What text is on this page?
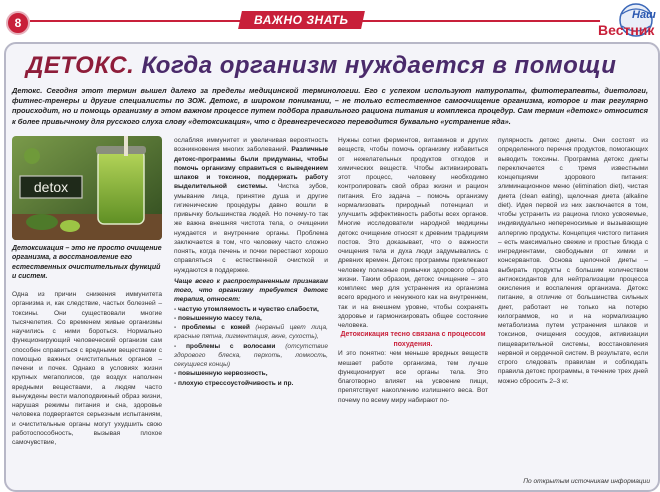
8	ВАЖНО ЗНАТЬ	Наш
Вестник
ДЕТОКС. Когда организм нуждается в помощи
Детокс. Сегодня этот термин вышел далеко за пределы медицинской терминологии. Его с успехом используют натуропаты, фитотерапевты, диетологи, фитнес-тренеры и другие специалисты по ЗОЖ. Детокс, в широком понимании, – не только естественное самоочищение организма, которое и так регулярно происходит, но и помощь организму в этом важном процессе путем подбора правильного рациона питания и комплекса процедур. Сам термин «детокс» относится к более привычному для русского слуха слову «детоксикация», что с древнегреческого переводится буквально «устранение яда».
detox
Детоксикация – это не просто очищение организма, а восстановление его естественных очистительных функций и систем.

Одна из причин снижения иммунитета организма и, как следствие, частых болезней – токсины. Они существовали многие тысячелетия. Со временем живые организмы научились с ними бороться. Нормально функционирующий человеческий организм сам способен справиться с вредными веществами с помощью важных очистительных органов – печени и почек. Однако в условиях жизни крупных мегаполисов, где воздух наполнен вредными веществами, а людям часто вынуждены вести малоподвижный образ жизни, нарушая режимы питания и сна, здоровье человека подвергается серьезным испытаниям, и очистительные органы могут ухудшить свою работоспособность, вызывая плохое самочувствие,

ослабляя иммунитет и увеличивая вероятность возникновения многих заболеваний. Различные детокс-программы были придуманы, чтобы помочь организму справиться с выведением шлаков и токсинов, поддержать работу выделительной системы. Чистка зубов, умывание лица, принятие душа и другие гигиенические процедуры давно вошли в привычку большинства людей. Но почему-то так же важна внешняя чистота тела, о очищении нуждается и внутренние органы. Проблема заключается в том, что человеку часто сложно понять, когда печень и почки перестают хорошо справляться с естественной очисткой и нуждаются в поддержке.
Чаще всего к распространенным признакам того, что организму требуется детокс терапия, относят:
- частую утомляемость и чувство слабости,
- повышенную массу тела,
- проблемы с кожей (нервный цвет лица, красные пятна, пигментация, акне, сухость),
- проблемы с волосами (отсутствие здорового блеска, перхоть, ломкость, секущиеся концы)
- повышенную нервозность,
- плохую стрессоустойчивость и пр.
Нужны сотни ферментов, витаминов и других веществ, чтобы помочь организму избавиться от нежелательных продуктов отходов и химических веществ. Чтобы активизировать этот процесс, человеку необходимо контролировать свой образ жизни и рацион питания. Его задача – помочь организму нормализовать природный потенциал и улучшить эффективность работы всех органов. Многие исследователи народной медицины детокс очищение относят к древним традициям постов. Это доказывает, что о важности очищения тела и духа люди задумывались с древних времен. Детокс программы привлекают человеку полезные привычки здорового образа жизни. Таким образом, детокс очищение – это комплекс мер для устранения из организма всего вредного и ненужного как на внутреннем, так и на внешнем уровне, чтобы сохранять здоровье и гармонизировать общее состояние человека.
Детоксикация тесно связана с процессом похудения.
И это понятно: чем меньше вредных веществ мешает работе организма, тем лучше функционирует все органы тела. Это благотворно влияет на усвоение пищи, препятствует накоплению излишнего веса. Вот почему по всему миру набирают по-

пулярность детокс диеты. Они состоят из определенного перечня продуктов, помогающих выводить токсины. Программа детокс диеты переключается с тремя известными концепциями здорового питания: элиминационное меню (elimination diet), чистая диета (clean eating), щелочная диета (alkaline diet). Идея первой из них заключается в том, чтобы устранить из рациона плохо усвояемые, индивидуально непереносимые и вызывающие аллергию продукты. Концепция чистого питания – есть максимально свежие и простые блюда с ингредиентами, свободными от химии и консервантов. Основа щелочной диеты – выбирать продукты с большим количеством антиоксидантов для нейтрализации процесса окисления и воспаления организма. Детокс питание, в отличие от большинства сильных диет, работает не только на потерю килограммов, но и на нормализацию метаболизма путем устранения шлаков и токсинов, очищения сосудов, активизации пищеварительной системы, восстановления нервной и сердечной систем. В результате, если строго следовать правилам и соблюдать правила детокс программы, в течение трех дней можно сбросить 2–3 кг.

По открытым источникам информации
